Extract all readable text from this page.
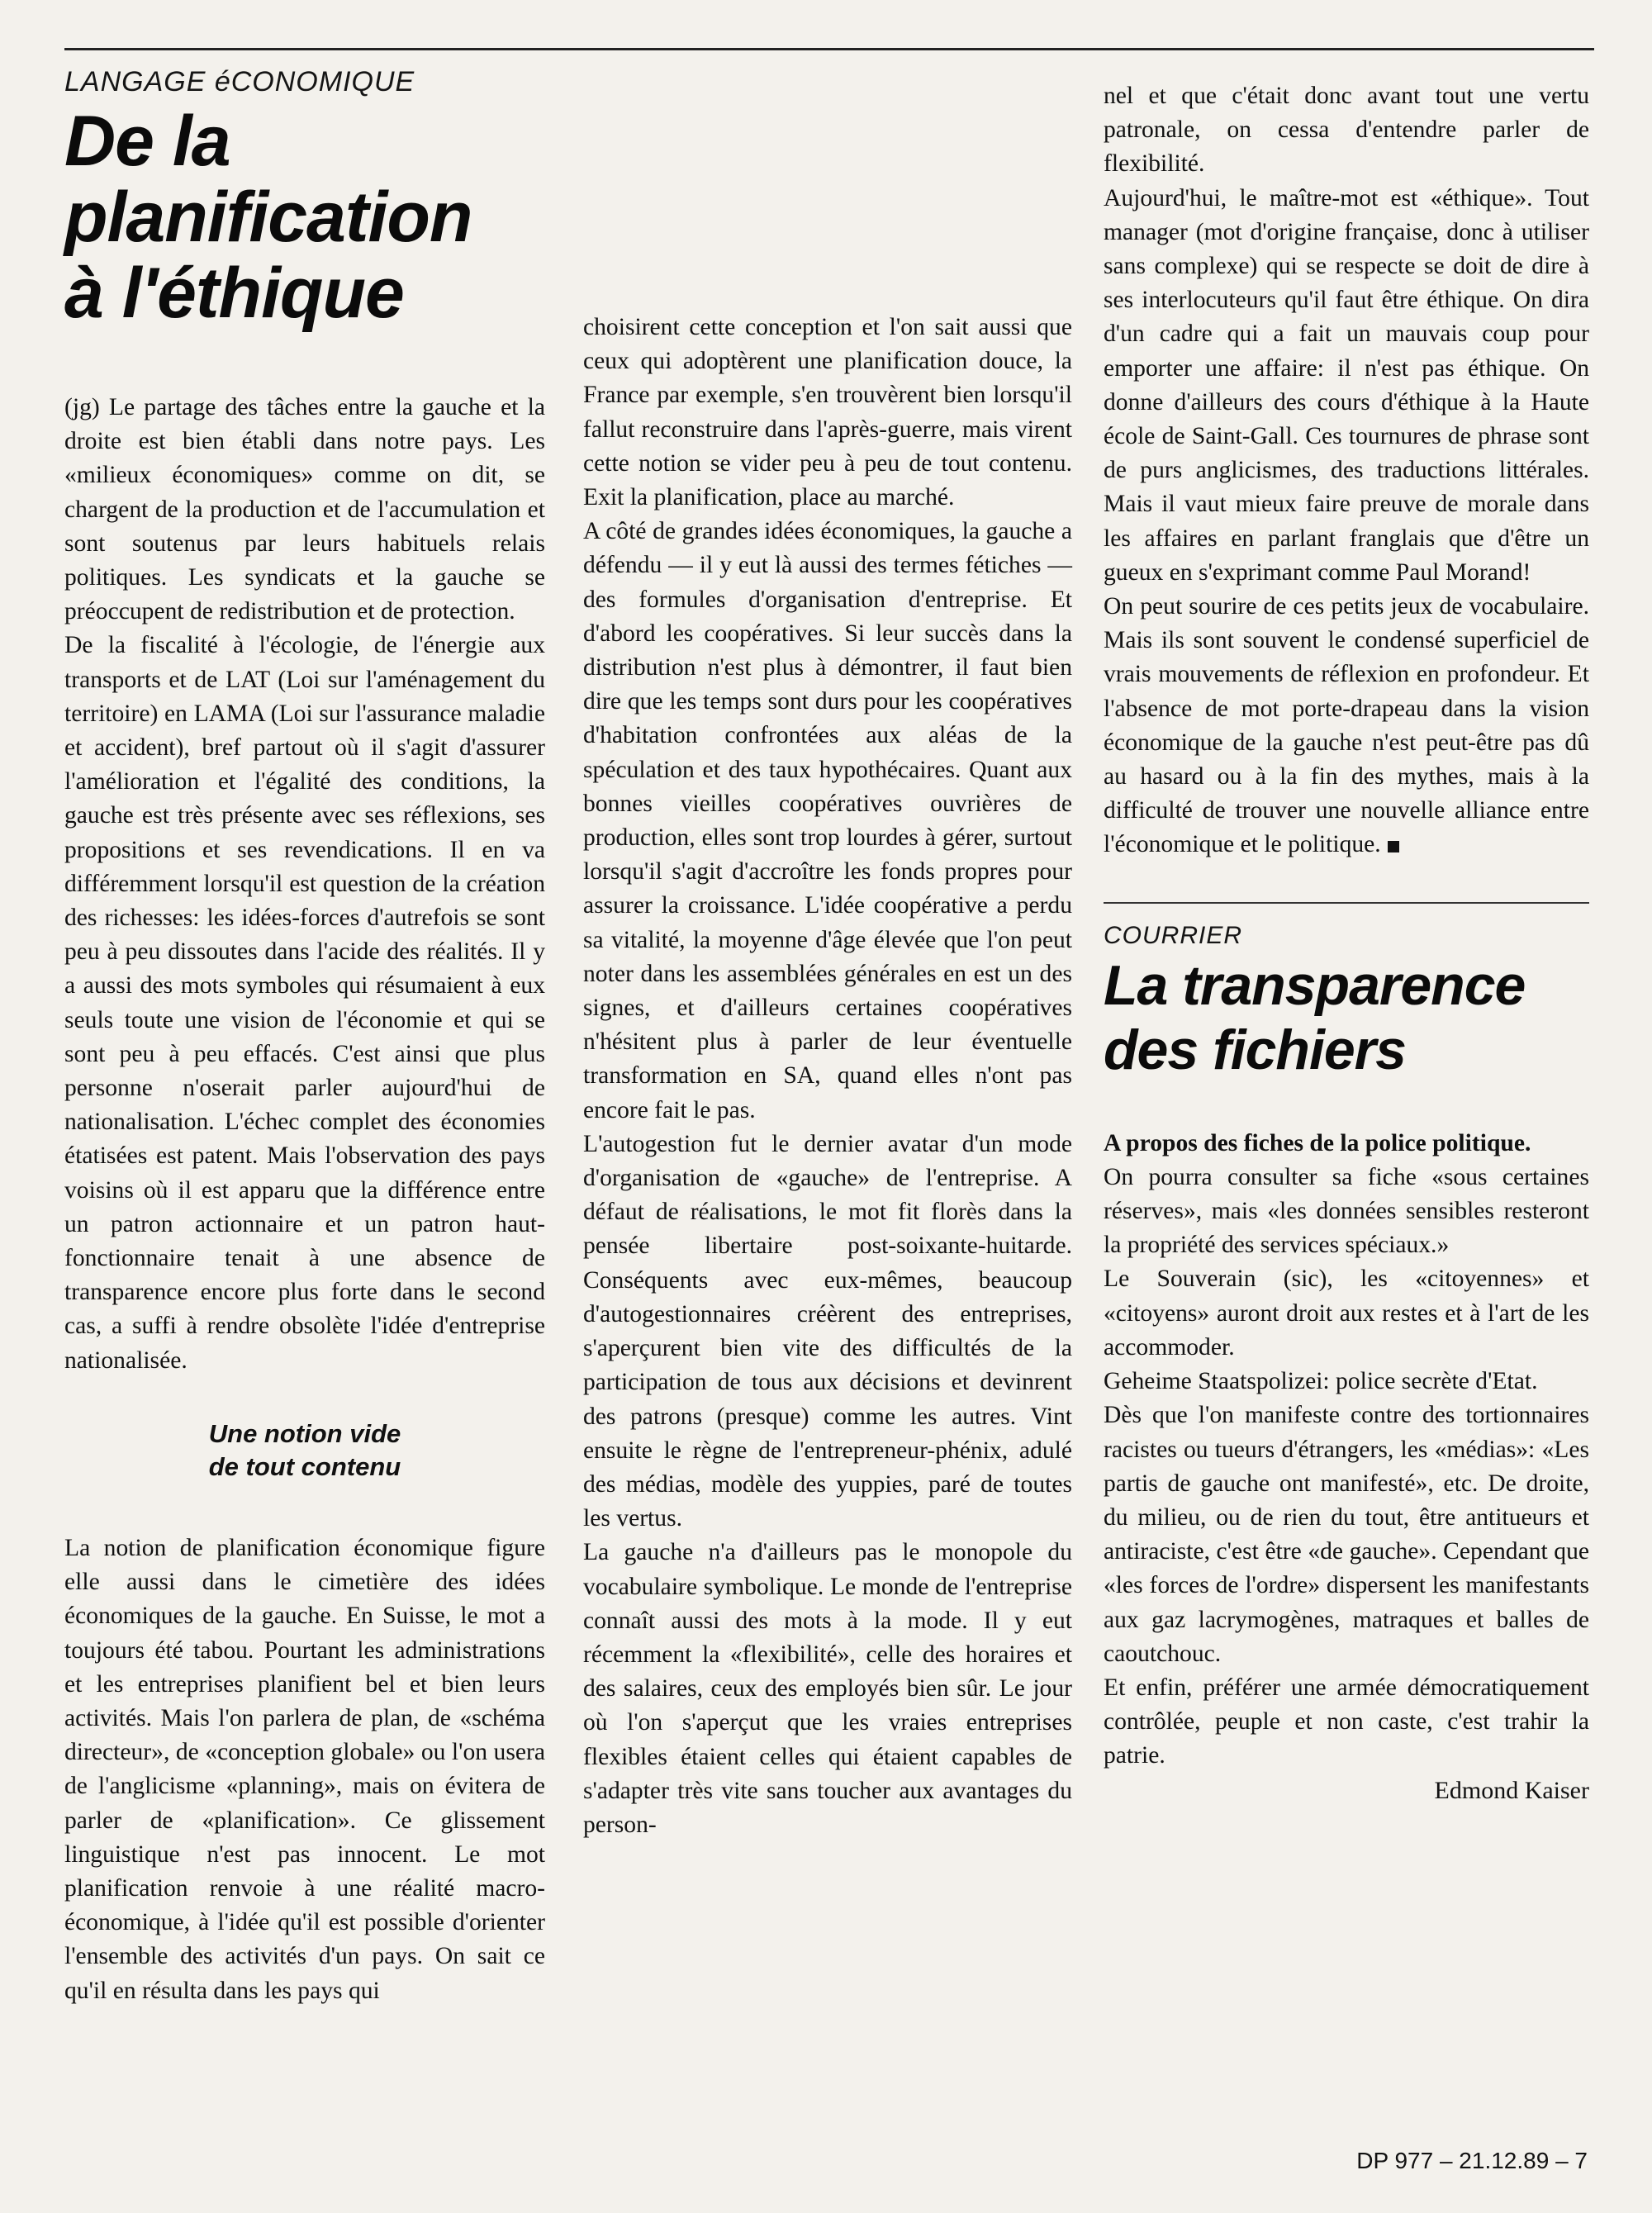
LANGAGE éCONOMIQUE

De la planification
à l'éthique

(jg) Le partage des tâches entre la gauche et la droite est bien établi dans notre pays. Les «milieux économiques» comme on dit, se chargent de la production et de l'accumulation et sont soutenus par leurs habituels relais politiques. Les syndicats et la gauche se préoccupent de redistribution et de protection.

De la fiscalité à l'écologie, de l'énergie aux transports et de LAT (Loi sur l'aménagement du territoire) en LAMA (Loi sur l'assurance maladie et accident), bref partout où il s'agit d'assurer l'amélioration et l'égalité des conditions, la gauche est très présente avec ses réflexions, ses propositions et ses revendications. Il en va différemment lorsqu'il est question de la création des richesses: les idées-forces d'autrefois se sont peu à peu dissoutes dans l'acide des réalités. Il y a aussi des mots symboles qui résumaient à eux seuls toute une vision de l'économie et qui se sont peu à peu effacés. C'est ainsi que plus personne n'oserait parler aujourd'hui de nationalisation. L'échec complet des économies étatisées est patent. Mais l'observation des pays voisins où il est apparu que la différence entre un patron actionnaire et un patron haut-fonctionnaire tenait à une absence de transparence encore plus forte dans le second cas, a suffi à rendre obsolète l'idée d'entreprise nationalisée.

Une notion vide
de tout contenu

La notion de planification économique figure elle aussi dans le cimetière des idées économiques de la gauche. En Suisse, le mot a toujours été tabou. Pourtant les administrations et les entreprises planifient bel et bien leurs activités. Mais l'on parlera de plan, de «schéma directeur», de «conception globale» ou l'on usera de l'anglicisme «planning», mais on évitera de parler de «planification». Ce glissement linguistique n'est pas innocent. Le mot planification renvoie à une réalité macro-économique, à l'idée qu'il est possible d'orienter l'ensemble des activités d'un pays. On sait ce qu'il en résulta dans les pays qui

choisirent cette conception et l'on sait aussi que ceux qui adoptèrent une planification douce, la France par exemple, s'en trouvèrent bien lorsqu'il fallut reconstruire dans l'après-guerre, mais virent cette notion se vider peu à peu de tout contenu. Exit la planification, place au marché.

A côté de grandes idées économiques, la gauche a défendu — il y eut là aussi des termes fétiches — des formules d'organisation d'entreprise. Et d'abord les coopératives. Si leur succès dans la distribution n'est plus à démontrer, il faut bien dire que les temps sont durs pour les coopératives d'habitation confrontées aux aléas de la spéculation et des taux hypothécaires. Quant aux bonnes vieilles coopératives ouvrières de production, elles sont trop lourdes à gérer, surtout lorsqu'il s'agit d'accroître les fonds propres pour assurer la croissance. L'idée coopérative a perdu sa vitalité, la moyenne d'âge élevée que l'on peut noter dans les assemblées générales en est un des signes, et d'ailleurs certaines coopératives n'hésitent plus à parler de leur éventuelle transformation en SA, quand elles n'ont pas encore fait le pas.

L'autogestion fut le dernier avatar d'un mode d'organisation de «gauche» de l'entreprise. A défaut de réalisations, le mot fit florès dans la pensée libertaire post-soixante-huitarde. Conséquents avec eux-mêmes, beaucoup d'autogestionnaires créèrent des entreprises, s'aperçurent bien vite des difficultés de la participation de tous aux décisions et devinrent des patrons (presque) comme les autres. Vint ensuite le règne de l'entrepreneur-phénix, adulé des médias, modèle des yuppies, paré de toutes les vertus.

La gauche n'a d'ailleurs pas le monopole du vocabulaire symbolique. Le monde de l'entreprise connaît aussi des mots à la mode. Il y eut récemment la «flexibilité», celle des horaires et des salaires, ceux des employés bien sûr. Le jour où l'on s'aperçut que les vraies entreprises flexibles étaient celles qui étaient capables de s'adapter très vite sans toucher aux avantages du person-

nel et que c'était donc avant tout une vertu patronale, on cessa d'entendre parler de flexibilité.

Aujourd'hui, le maître-mot est «éthique». Tout manager (mot d'origine française, donc à utiliser sans complexe) qui se respecte se doit de dire à ses interlocuteurs qu'il faut être éthique. On dira d'un cadre qui a fait un mauvais coup pour emporter une affaire: il n'est pas éthique. On donne d'ailleurs des cours d'éthique à la Haute école de Saint-Gall. Ces tournures de phrase sont de purs anglicismes, des traductions littérales. Mais il vaut mieux faire preuve de morale dans les affaires en parlant franglais que d'être un gueux en s'exprimant comme Paul Morand!

On peut sourire de ces petits jeux de vocabulaire. Mais ils sont souvent le condensé superficiel de vrais mouvements de réflexion en profondeur. Et l'absence de mot porte-drapeau dans la vision économique de la gauche n'est peut-être pas dû au hasard ou à la fin des mythes, mais à la difficulté de trouver une nouvelle alliance entre l'économique et le politique.

COURRIER

La transparence
des fichiers

A propos des fiches de la police politique.

On pourra consulter sa fiche «sous certaines réserves», mais «les données sensibles resteront la propriété des services spéciaux.»

Le Souverain (sic), les «citoyennes» et «citoyens» auront droit aux restes et à l'art de les accommoder.

Geheime Staatspolizei: police secrète d'Etat.

Dès que l'on manifeste contre des tortionnaires racistes ou tueurs d'étrangers, les «médias»: «Les partis de gauche ont manifesté», etc. De droite, du milieu, ou de rien du tout, être antitueurs et antiraciste, c'est être «de gauche». Cependant que «les forces de l'ordre» dispersent les manifestants aux gaz lacrymogènes, matraques et balles de caoutchouc.

Et enfin, préférer une armée démocratiquement contrôlée, peuple et non caste, c'est trahir la patrie.

Edmond Kaiser

DP 977 – 21.12.89 – 7
